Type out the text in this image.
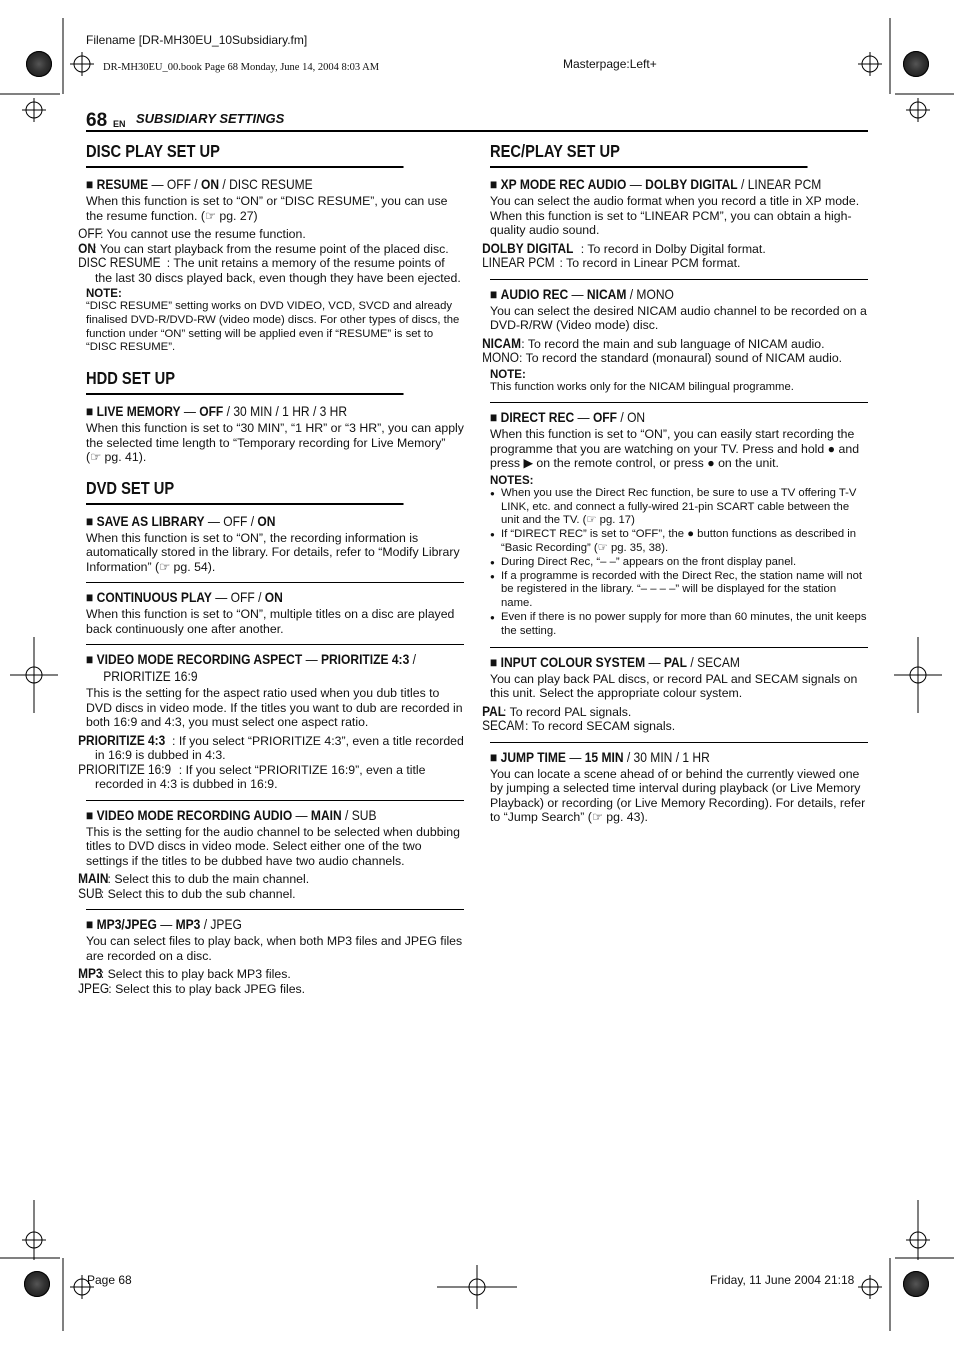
Filename [DR-MH30EU_10Subsidiary.fm]
DR-MH30EU_00.book Page 68 Monday, June 14, 2004 8:03 AM	Masterpage:Left+
Page 68	Friday, 11 June 2004 21:18
68 EN SUBSIDIARY SETTINGS
DISC PLAY SET UP
■ RESUME — OFF / ON / DISC RESUME

When this function is set to “ON” or “DISC RESUME”, you can use the resume function. (☞ pg. 27)

OFF: You cannot use the resume function.

ON: You can start playback from the resume point of the placed disc.

DISC RESUME : The unit retains a memory of the resume points of the last 30 discs played back, even though they have been ejected.

NOTE:

“DISC RESUME” setting works on DVD VIDEO, VCD, SVCD and already finalised DVD-R/DVD-RW (video mode) discs. For other types of discs, the function under “ON” setting will be applied even if “RESUME” is set to “DISC RESUME”.

HDD SET UP
■ LIVE MEMORY — OFF / 30 MIN / 1 HR / 3 HR

When this function is set to “30 MIN”, “1 HR” or “3 HR”, you can apply the selected time length to “Temporary recording for Live Memory” (☞ pg. 41).

DVD SET UP
■ SAVE AS LIBRARY — OFF / ON

When this function is set to “ON”, the recording information is automatically stored in the library. For details, refer to “Modify Library Information” (☞ pg. 54).

■ CONTINUOUS PLAY — OFF / ON

When this function is set to “ON”, multiple titles on a disc are played back continuously one after another.

■ VIDEO MODE RECORDING ASPECT — PRIORITIZE 4:3 /
PRIORITIZE 16:9

This is the setting for the aspect ratio used when you dub titles to DVD discs in video mode. If the titles you want to dub are recorded in both 16:9 and 4:3, you must select one aspect ratio.

PRIORITIZE 4:3 : If you select “PRIORITIZE 4:3”, even a title recorded in 16:9 is dubbed in 4:3.

PRIORITIZE 16:9 : If you select “PRIORITIZE 16:9”, even a title recorded in 4:3 is dubbed in 16:9.

■ VIDEO MODE RECORDING AUDIO — MAIN / SUB

This is the setting for the audio channel to be selected when dubbing titles to DVD discs in video mode. Select either one of the two settings if the titles to be dubbed have two audio channels.

MAIN: Select this to dub the main channel.

SUB: Select this to dub the sub channel.

■ MP3/JPEG — MP3 / JPEG

You can select files to play back, when both MP3 files and JPEG files are recorded on a disc.

MP3: Select this to play back MP3 files.

JPEG: Select this to play back JPEG files.

REC/PLAY SET UP
■ XP MODE REC AUDIO — DOLBY DIGITAL / LINEAR PCM

You can select the audio format when you record a title in XP mode. When this function is set to “LINEAR PCM”, you can obtain a high-quality audio sound.

DOLBY DIGITAL : To record in Dolby Digital format.

LINEAR PCM : To record in Linear PCM format.

■ AUDIO REC — NICAM / MONO

You can select the desired NICAM audio channel to be recorded on a DVD-R/RW (Video mode) disc.

NICAM: To record the main and sub language of NICAM audio.

MONO: To record the standard (monaural) sound of NICAM audio.

NOTE:

This function works only for the NICAM bilingual programme.

■ DIRECT REC — OFF / ON

When this function is set to “ON”, you can easily start recording the programme that you are watching on your TV. Press and hold ● and press ▶ on the remote control, or press ● on the unit.

NOTES:
● When you use the Direct Rec function, be sure to use a TV offering T-V LINK, etc. and connect a fully-wired 21-pin SCART cable between the unit and the TV. (☞ pg. 17)
● If “DIRECT REC” is set to “OFF”, the ● button functions as described in “Basic Recording” (☞ pg. 35, 38).
● During Direct Rec, “– –” appears on the front display panel.
● If a programme is recorded with the Direct Rec, the station name will not be registered in the library. “– – – –” will be displayed for the station name.
● Even if there is no power supply for more than 60 minutes, the unit keeps the setting.
■ INPUT COLOUR SYSTEM — PAL / SECAM

You can play back PAL discs, or record PAL and SECAM signals on this unit. Select the appropriate colour system.

PAL: To record PAL signals.

SECAM: To record SECAM signals.

■ JUMP TIME — 15 MIN / 30 MIN / 1 HR

You can locate a scene ahead of or behind the currently viewed one by jumping a selected time interval during playback (or Live Memory Playback) or recording (or Live Memory Recording). For details, refer to “Jump Search” (☞ pg. 43).
